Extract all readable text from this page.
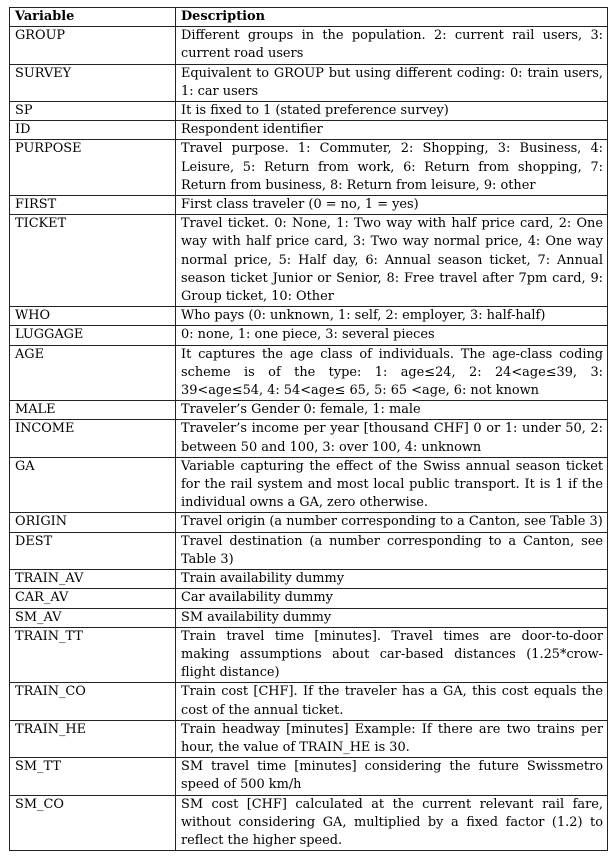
Variable	Description
GROUP	Different groups in the population. 2: current rail users, 3: current road users
SURVEY	Equivalent to GROUP but using different coding: 0: train users, 1: car users
SP	It is fixed to 1 (stated preference survey)
ID	Respondent identifier
PURPOSE	Travel purpose. 1: Commuter, 2: Shopping, 3: Business, 4: Leisure, 5: Return from work, 6: Return from shopping, 7: Return from business, 8: Return from leisure, 9: other
FIRST	First class traveler (0 = no, 1 = yes)
TICKET	Travel ticket. 0: None, 1: Two way with half price card, 2: One way with half price card, 3: Two way normal price, 4: One way normal price, 5: Half day, 6: Annual season ticket, 7: Annual season ticket Junior or Senior, 8: Free travel after 7pm card, 9: Group ticket, 10: Other
WHO	Who pays (0: unknown, 1: self, 2: employer, 3: half-half)
LUGGAGE	0: none, 1: one piece, 3: several pieces
AGE	It captures the age class of individuals. The age-class coding scheme is of the type: 1: age≤24, 2: 24<age≤39, 3: 39<age≤54, 4: 54<age≤ 65, 5: 65 <age, 6: not known
MALE	Traveler’s Gender 0: female, 1: male
INCOME	Traveler’s income per year [thousand CHF] 0 or 1: under 50, 2: between 50 and 100, 3: over 100, 4: unknown
GA	Variable capturing the effect of the Swiss annual season ticket for the rail system and most local public transport. It is 1 if the individual owns a GA, zero otherwise.
ORIGIN	Travel origin (a number corresponding to a Canton, see Table 3)
DEST	Travel destination (a number corresponding to a Canton, see Table 3)
TRAIN_AV	Train availability dummy
CAR_AV	Car availability dummy
SM_AV	SM availability dummy
TRAIN_TT	Train travel time [minutes]. Travel times are door-to-door making assumptions about car-based distances (1.25*crow-flight distance)
TRAIN_CO	Train cost [CHF]. If the traveler has a GA, this cost equals the cost of the annual ticket.
TRAIN_HE	Train headway [minutes] Example: If there are two trains per hour, the value of TRAIN_HE is 30.
SM_TT	SM travel time [minutes] considering the future Swissmetro speed of 500 km/h
SM_CO	SM cost [CHF] calculated at the current relevant rail fare, without considering GA, multiplied by a fixed factor (1.2) to reflect the higher speed.
